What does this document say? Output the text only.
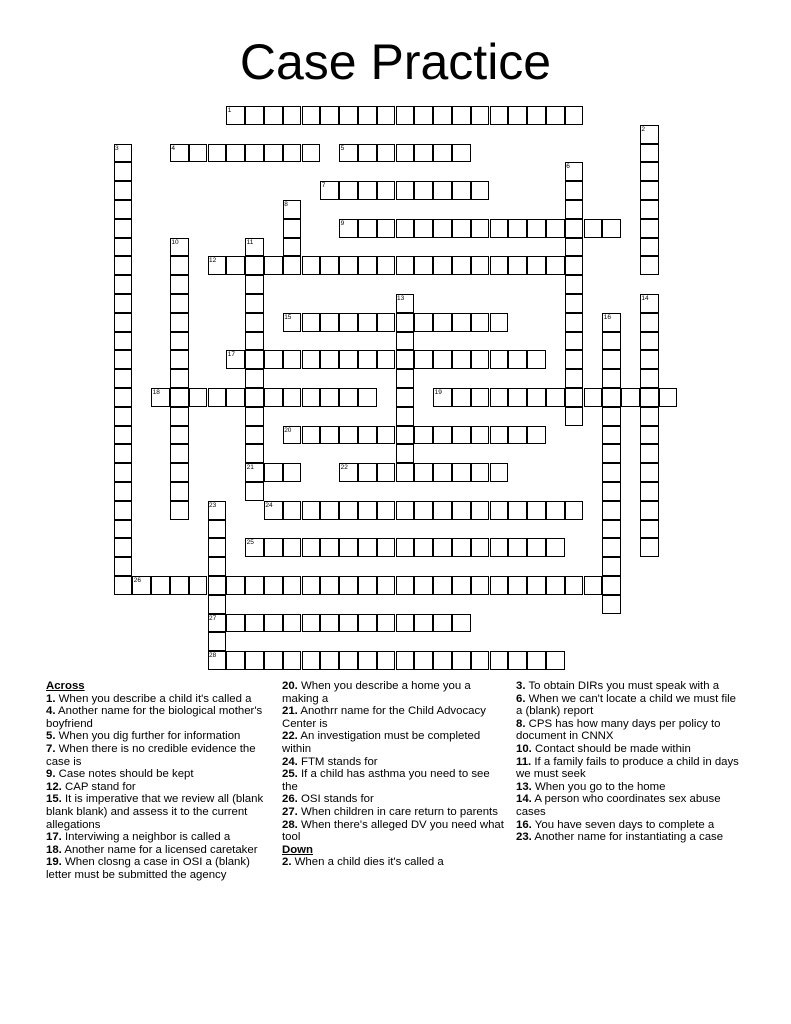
Case Practice
1
4	5
7
9
12
15
17
18	19
20
21	22
24
25
26
27
28
2
3
6
8
10	11
13	14
16
23
Across
1. When you describe a child it's called a
4. Another name for the biological mother's boyfriend
5. When you dig further for information
7. When there is no credible evidence the case is
9. Case notes should be kept
12. CAP stand for
15. It is imperative that we review all (blank blank blank) and assess it to the current allegations
17. Interviwing a neighbor is called a
18. Another name for a licensed caretaker
19. When closng a case in OSI a (blank) letter must be submitted the agency
20. When you describe a home you a making a
21. Anothrr name for the Child Advocacy Center is
22. An investigation must be completed within
24. FTM stands for
25. If a child has asthma you need to see the
26. OSI stands for
27. When children in care return to parents
28. When there's alleged DV you need what tool
Down
2. When a child dies it's called a
3. To obtain DIRs you must speak with a
6. When we can't locate a child we must file a (blank) report
8. CPS has how many days per policy to document in CNNX
10. Contact should be made within
11. If a family fails to produce a child in days we must seek
13. When you go to the home
14. A person who coordinates sex abuse cases
16. You have seven days to complete a
23. Another name for instantiating a case
